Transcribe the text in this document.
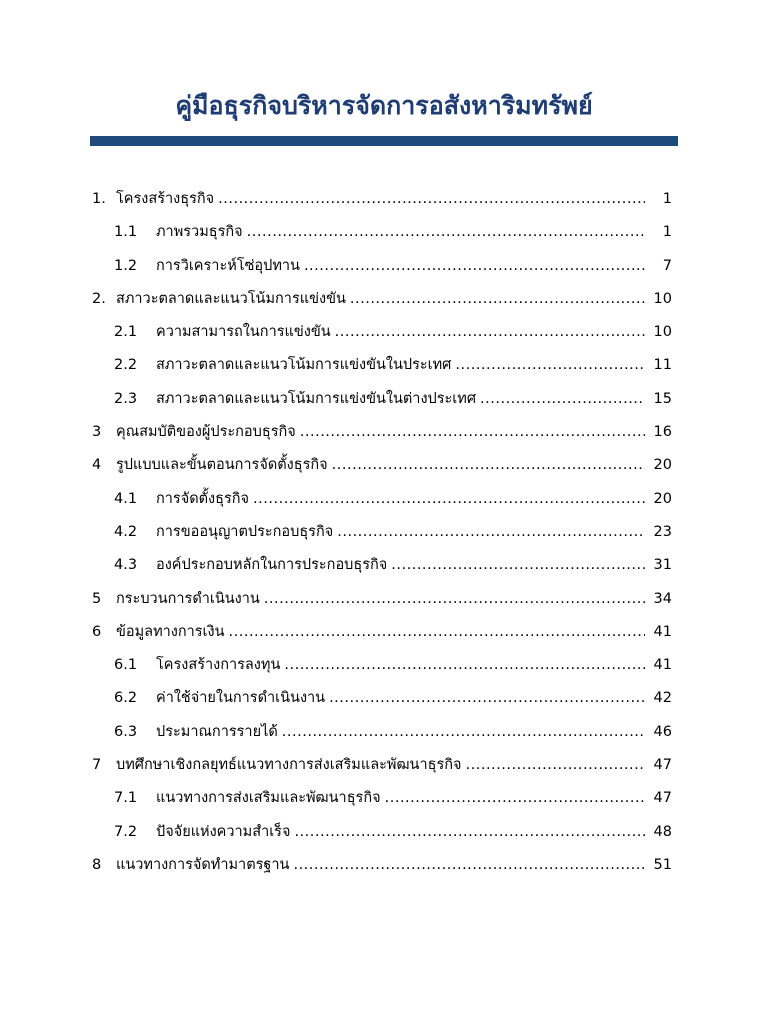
คู่มือธุรกิจบริหารจัดการอสังหาริมทรัพย์
1. โครงสร้างธุรกิจ .....	1
1.1	ภาพรวมธุรกิจ .....	1
1.2	การวิเคราะห์โซ่อุปทาน .....	7
2. สภาวะตลาดและแนวโน้มการแข่งขัน .....	10
2.1	ความสามารถในการแข่งขัน .....	10
2.2	สภาวะตลาดและแนวโน้มการแข่งขันในประเทศ .....	11
2.3	สภาวะตลาดและแนวโน้มการแข่งขันในต่างประเทศ .....	15
3	คุณสมบัติของผู้ประกอบธุรกิจ .....	16
4	รูปแบบและขั้นตอนการจัดตั้งธุรกิจ .....	20
4.1	การจัดตั้งธุรกิจ .....	20
4.2	การขออนุญาตประกอบธุรกิจ .....	23
4.3	องค์ประกอบหลักในการประกอบธุรกิจ .....	31
5	กระบวนการดำเนินงาน .....	34
6	ข้อมูลทางการเงิน .....	41
6.1	โครงสร้างการลงทุน .....	41
6.2	ค่าใช้จ่ายในการดำเนินงาน .....	42
6.3	ประมาณการรายได้ .....	46
7	บทศึกษาเชิงกลยุทธ์แนวทางการส่งเสริมและพัฒนาธุรกิจ .....	47
7.1	แนวทางการส่งเสริมและพัฒนาธุรกิจ .....	47
7.2	ปัจจัยแห่งความสำเร็จ .....	48
8	แนวทางการจัดทำมาตรฐาน .....	51
